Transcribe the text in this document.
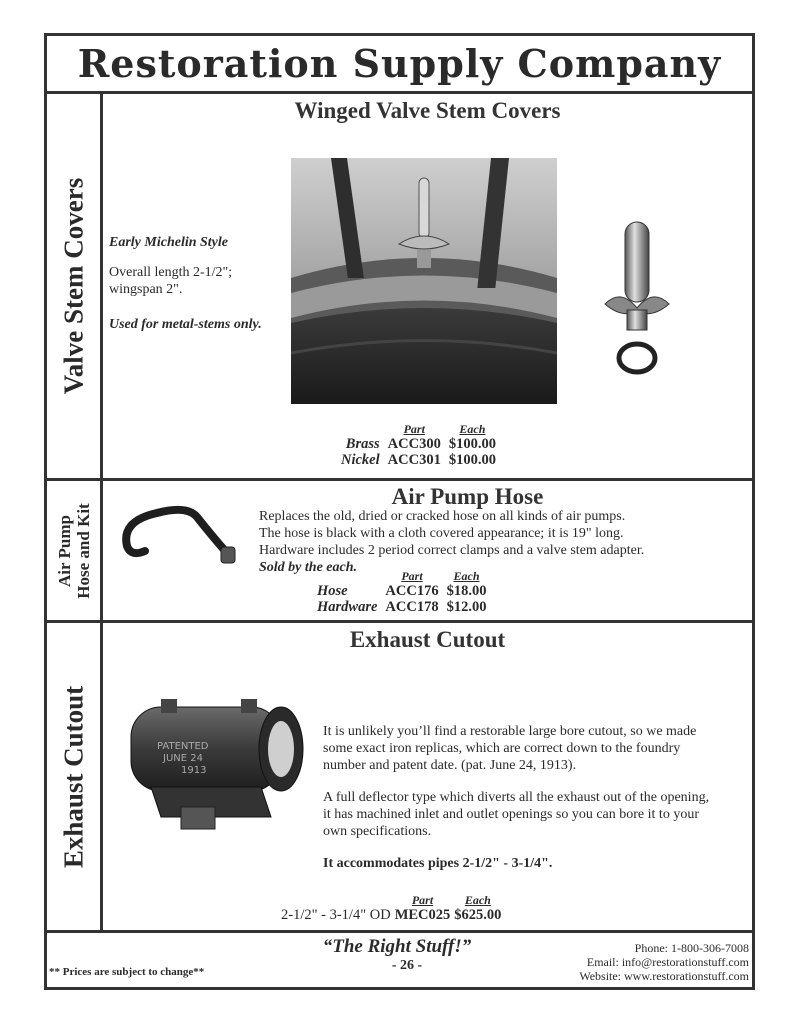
Restoration Supply Company
Valve Stem Covers
Winged Valve Stem Covers
Early Michelin Style
Overall length 2-1/2"; wingspan 2".
Used for metal-stems only.
	Part	Each
Brass	ACC300	$100.00
Nickel	ACC301	$100.00
Air Pump Hose and Kit
Air Pump Hose
Replaces the old, dried or cracked hose on all kinds of air pumps.
The hose is black with a cloth covered appearance; it is 19" long.
Hardware includes 2 period correct clamps and a valve stem adapter.
Sold by the each.
	Part	Each
Hose	ACC176	$18.00
Hardware	ACC178	$12.00
Exhaust Cutout
Exhaust Cutout
PATENTED
JUNE 24
1913
It is unlikely you’ll find a restorable large bore cutout, so we made some exact iron replicas, which are correct down to the foundry number and patent date. (pat. June 24, 1913).
A full deflector type which diverts all the exhaust out of the opening, it has machined inlet and outlet openings so you can bore it to your own specifications.
It accommodates pipes 2-1/2" - 3-1/4".
	Part	Each
2-1/2" - 3-1/4" OD	MEC025	$625.00
“The Right Stuff!”
- 26 -
** Prices are subject to change**
Phone: 1-800-306-7008
Email: info@restorationstuff.com
Website: www.restorationstuff.com
